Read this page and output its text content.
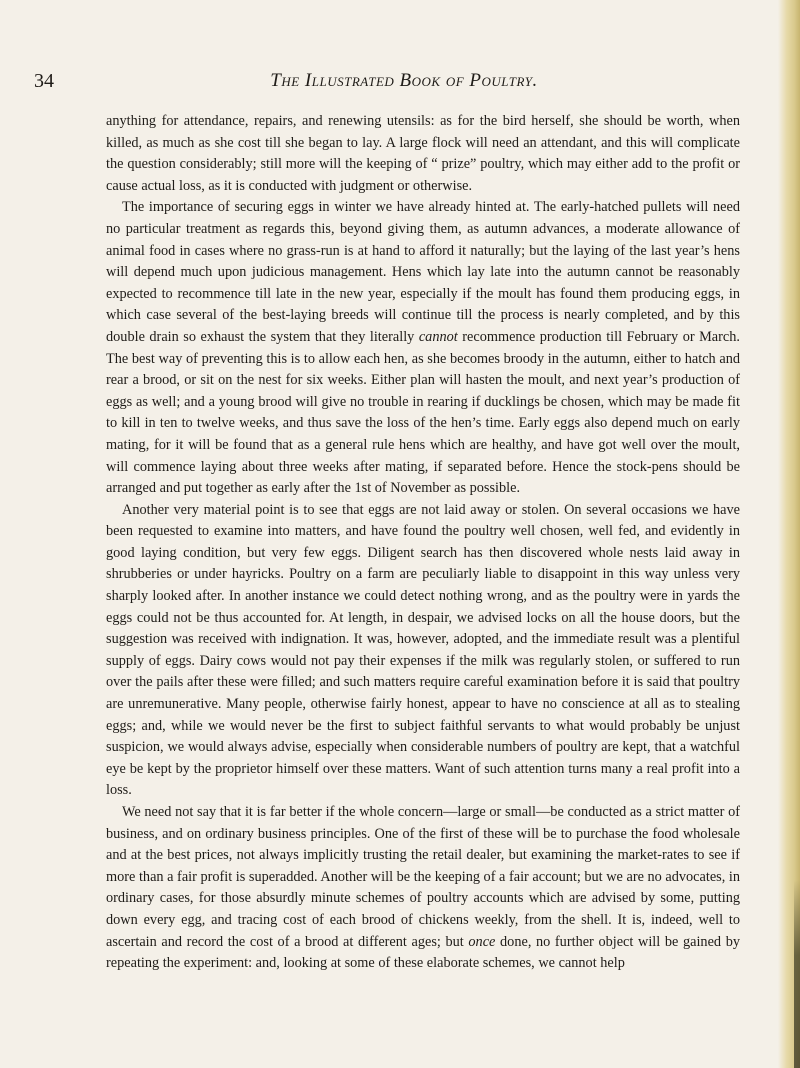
34	The Illustrated Book of Poultry.

anything for attendance, repairs, and renewing utensils: as for the bird herself, she should be worth, when killed, as much as she cost till she began to lay. A large flock will need an attendant, and this will complicate the question considerably; still more will the keeping of “ prize” poultry, which may either add to the profit or cause actual loss, as it is conducted with judgment or otherwise.

The importance of securing eggs in winter we have already hinted at. The early-hatched pullets will need no particular treatment as regards this, beyond giving them, as autumn advances, a moderate allowance of animal food in cases where no grass-run is at hand to afford it naturally; but the laying of the last year’s hens will depend much upon judicious management. Hens which lay late into the autumn cannot be reasonably expected to recommence till late in the new year, especially if the moult has found them producing eggs, in which case several of the best-laying breeds will continue till the process is nearly completed, and by this double drain so exhaust the system that they literally cannot recommence production till February or March. The best way of preventing this is to allow each hen, as she becomes broody in the autumn, either to hatch and rear a brood, or sit on the nest for six weeks. Either plan will hasten the moult, and next year’s production of eggs as well; and a young brood will give no trouble in rearing if ducklings be chosen, which may be made fit to kill in ten to twelve weeks, and thus save the loss of the hen’s time. Early eggs also depend much on early mating, for it will be found that as a general rule hens which are healthy, and have got well over the moult, will commence laying about three weeks after mating, if separated before. Hence the stock-pens should be arranged and put together as early after the 1st of November as possible.

Another very material point is to see that eggs are not laid away or stolen. On several occasions we have been requested to examine into matters, and have found the poultry well chosen, well fed, and evidently in good laying condition, but very few eggs. Diligent search has then discovered whole nests laid away in shrubberies or under hayricks. Poultry on a farm are peculiarly liable to disappoint in this way unless very sharply looked after. In another instance we could detect nothing wrong, and as the poultry were in yards the eggs could not be thus accounted for. At length, in despair, we advised locks on all the house doors, but the suggestion was received with indignation. It was, however, adopted, and the immediate result was a plentiful supply of eggs. Dairy cows would not pay their expenses if the milk was regularly stolen, or suffered to run over the pails after these were filled; and such matters require careful examination before it is said that poultry are unremunerative. Many people, otherwise fairly honest, appear to have no conscience at all as to stealing eggs; and, while we would never be the first to subject faithful servants to what would probably be unjust suspicion, we would always advise, especially when considerable numbers of poultry are kept, that a watchful eye be kept by the proprietor himself over these matters. Want of such attention turns many a real profit into a loss.

We need not say that it is far better if the whole concern—large or small—be conducted as a strict matter of business, and on ordinary business principles. One of the first of these will be to purchase the food wholesale and at the best prices, not always implicitly trusting the retail dealer, but examining the market-rates to see if more than a fair profit is superadded. Another will be the keeping of a fair account; but we are no advocates, in ordinary cases, for those absurdly minute schemes of poultry accounts which are advised by some, putting down every egg, and tracing cost of each brood of chickens weekly, from the shell. It is, indeed, well to ascertain and record the cost of a brood at different ages; but once done, no further object will be gained by repeating the experiment: and, looking at some of these elaborate schemes, we cannot help
